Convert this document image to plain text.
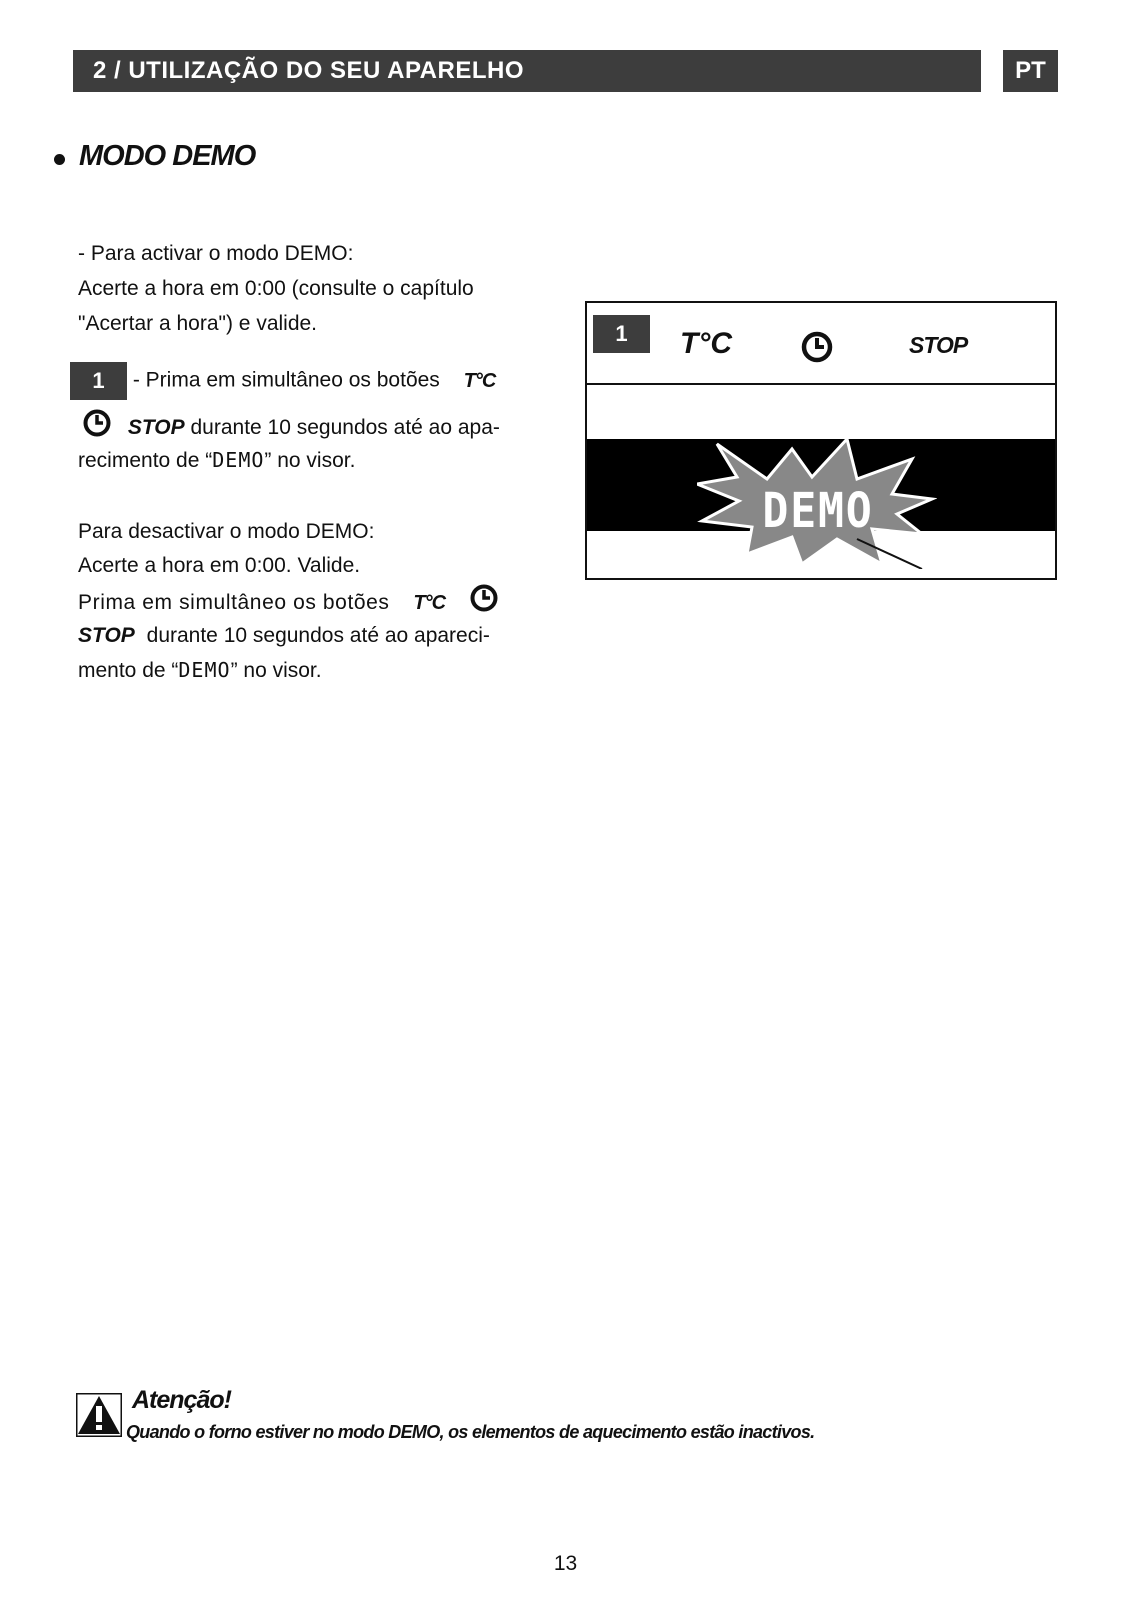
2 / UTILIZAÇÃO DO SEU APARELHO	PT
MODO DEMO
- Para activar o modo DEMO:
Acerte a hora em 0:00 (consulte o capítulo
"Acertar a hora") e valide.
1 - Prima em simultâneo os botões T°C
STOP durante 10 segundos até ao apa-
recimento de “DEMO” no visor.
Para desactivar o modo DEMO:
Acerte a hora em 0:00. Valide.
Prima em simultâneo os botões T°C
STOP durante 10 segundos até ao apareci-
mento de “DEMO” no visor.
1	T°C	STOP
DEMO
Atenção!
Quando o forno estiver no modo DEMO, os elementos de aquecimento estão inactivos.
13
